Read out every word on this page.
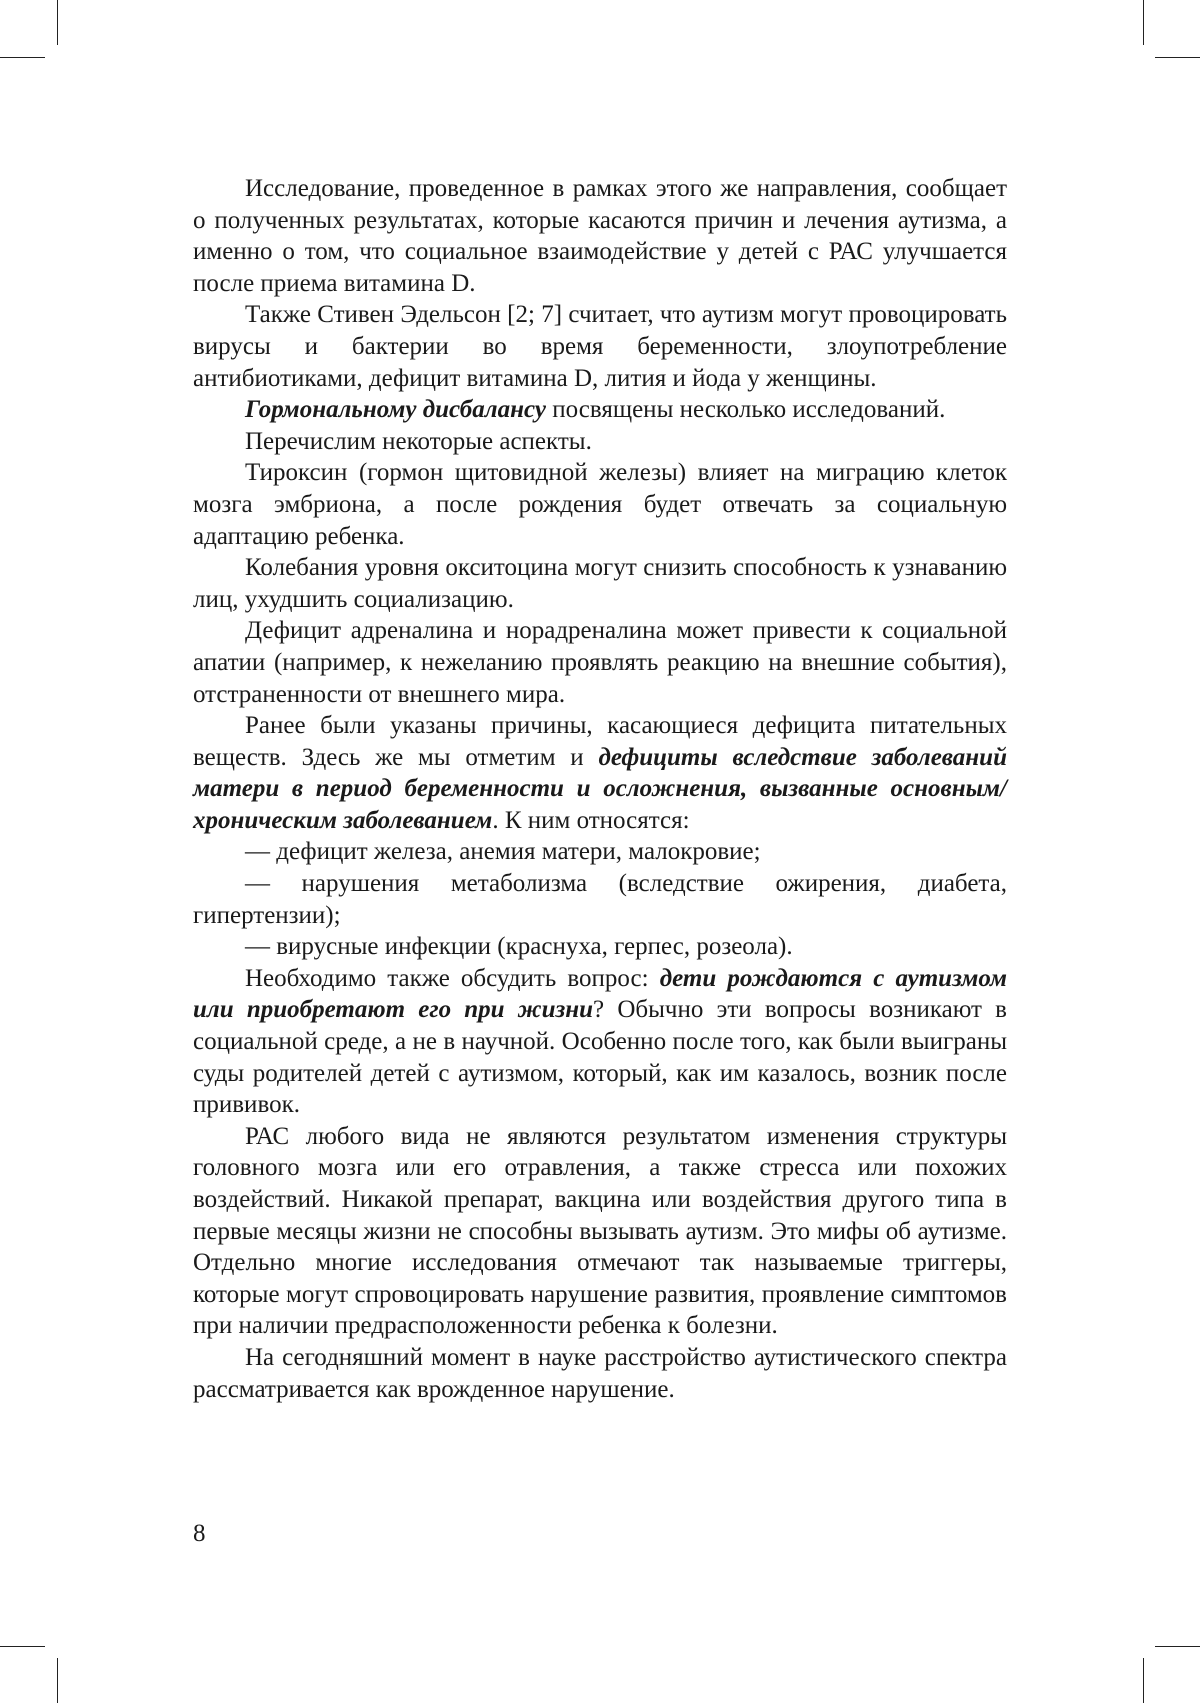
Исследование, проведенное в рамках этого же направления, сообщает о полученных результатах, которые касаются причин и лечения аутизма, а именно о том, что социальное взаимодействие у детей с РАС улучшается после приема витамина D.

Также Стивен Эдельсон [2; 7] считает, что аутизм могут провоцировать вирусы и бактерии во время беременности, злоупотребление антибиотиками, дефицит витамина D, лития и йода у женщины.

Гормональному дисбалансу посвящены несколько исследований.

Перечислим некоторые аспекты.

Тироксин (гормон щитовидной железы) влияет на миграцию клеток мозга эмбриона, а после рождения будет отвечать за социальную адаптацию ребенка.

Колебания уровня окситоцина могут снизить способность к узнаванию лиц, ухудшить социализацию.

Дефицит адреналина и норадреналина может привести к социальной апатии (например, к нежеланию проявлять реакцию на внешние события), отстраненности от внешнего мира.

Ранее были указаны причины, касающиеся дефицита питательных веществ. Здесь же мы отметим и дефициты вследствие заболеваний матери в период беременности и осложнения, вызванные основным/хроническим заболеванием. К ним относятся:

— дефицит железа, анемия матери, малокровие;

— нарушения метаболизма (вследствие ожирения, диабета, гипертензии);

— вирусные инфекции (краснуха, герпес, розеола).

Необходимо также обсудить вопрос: дети рождаются с аутизмом или приобретают его при жизни? Обычно эти вопросы возникают в социальной среде, а не в научной. Особенно после того, как были выиграны суды родителей детей с аутизмом, который, как им казалось, возник после прививок.

РАС любого вида не являются результатом изменения структуры головного мозга или его отравления, а также стресса или похожих воздействий. Никакой препарат, вакцина или воздействия другого типа в первые месяцы жизни не способны вызывать аутизм. Это мифы об аутизме. Отдельно многие исследования отмечают так называемые триггеры, которые могут спровоцировать нарушение развития, проявление симптомов при наличии предрасположенности ребенка к болезни.

На сегодняшний момент в науке расстройство аутистического спектра рассматривается как врожденное нарушение.

8
